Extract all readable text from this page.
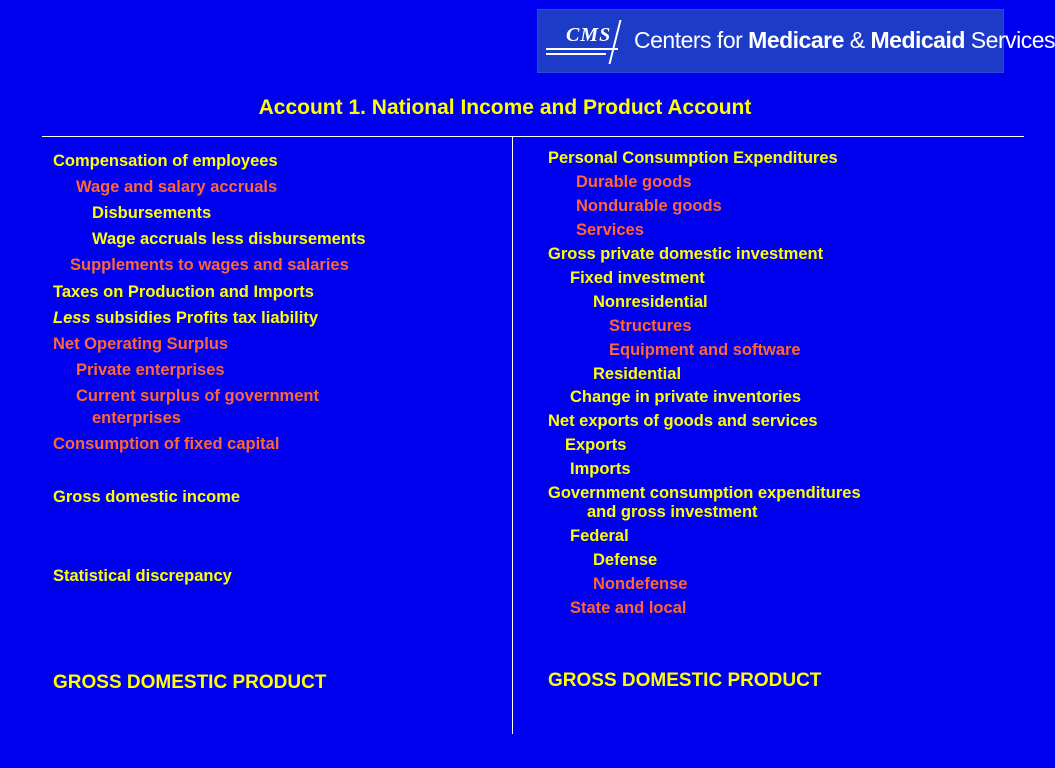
CMS Centers for Medicare & Medicaid Services
Account 1. National Income and Product Account
Compensation of employees
Wage and salary accruals
Disbursements
Wage accruals less disbursements
Supplements to wages and salaries
Taxes on Production and Imports
Less subsidies Profits tax liability
Net Operating Surplus
Private enterprises
Current surplus of government
enterprises
Consumption of fixed capital
Gross domestic income
Statistical discrepancy
GROSS DOMESTIC PRODUCT
Personal Consumption Expenditures
Durable goods
Nondurable goods
Services
Gross private domestic investment
Fixed investment
Nonresidential
Structures
Equipment and software
Residential
Change in private inventories
Net exports of goods and services
Exports
Imports
Government consumption expenditures
and gross investment
Federal
Defense
Nondefense
State and local
GROSS DOMESTIC PRODUCT
